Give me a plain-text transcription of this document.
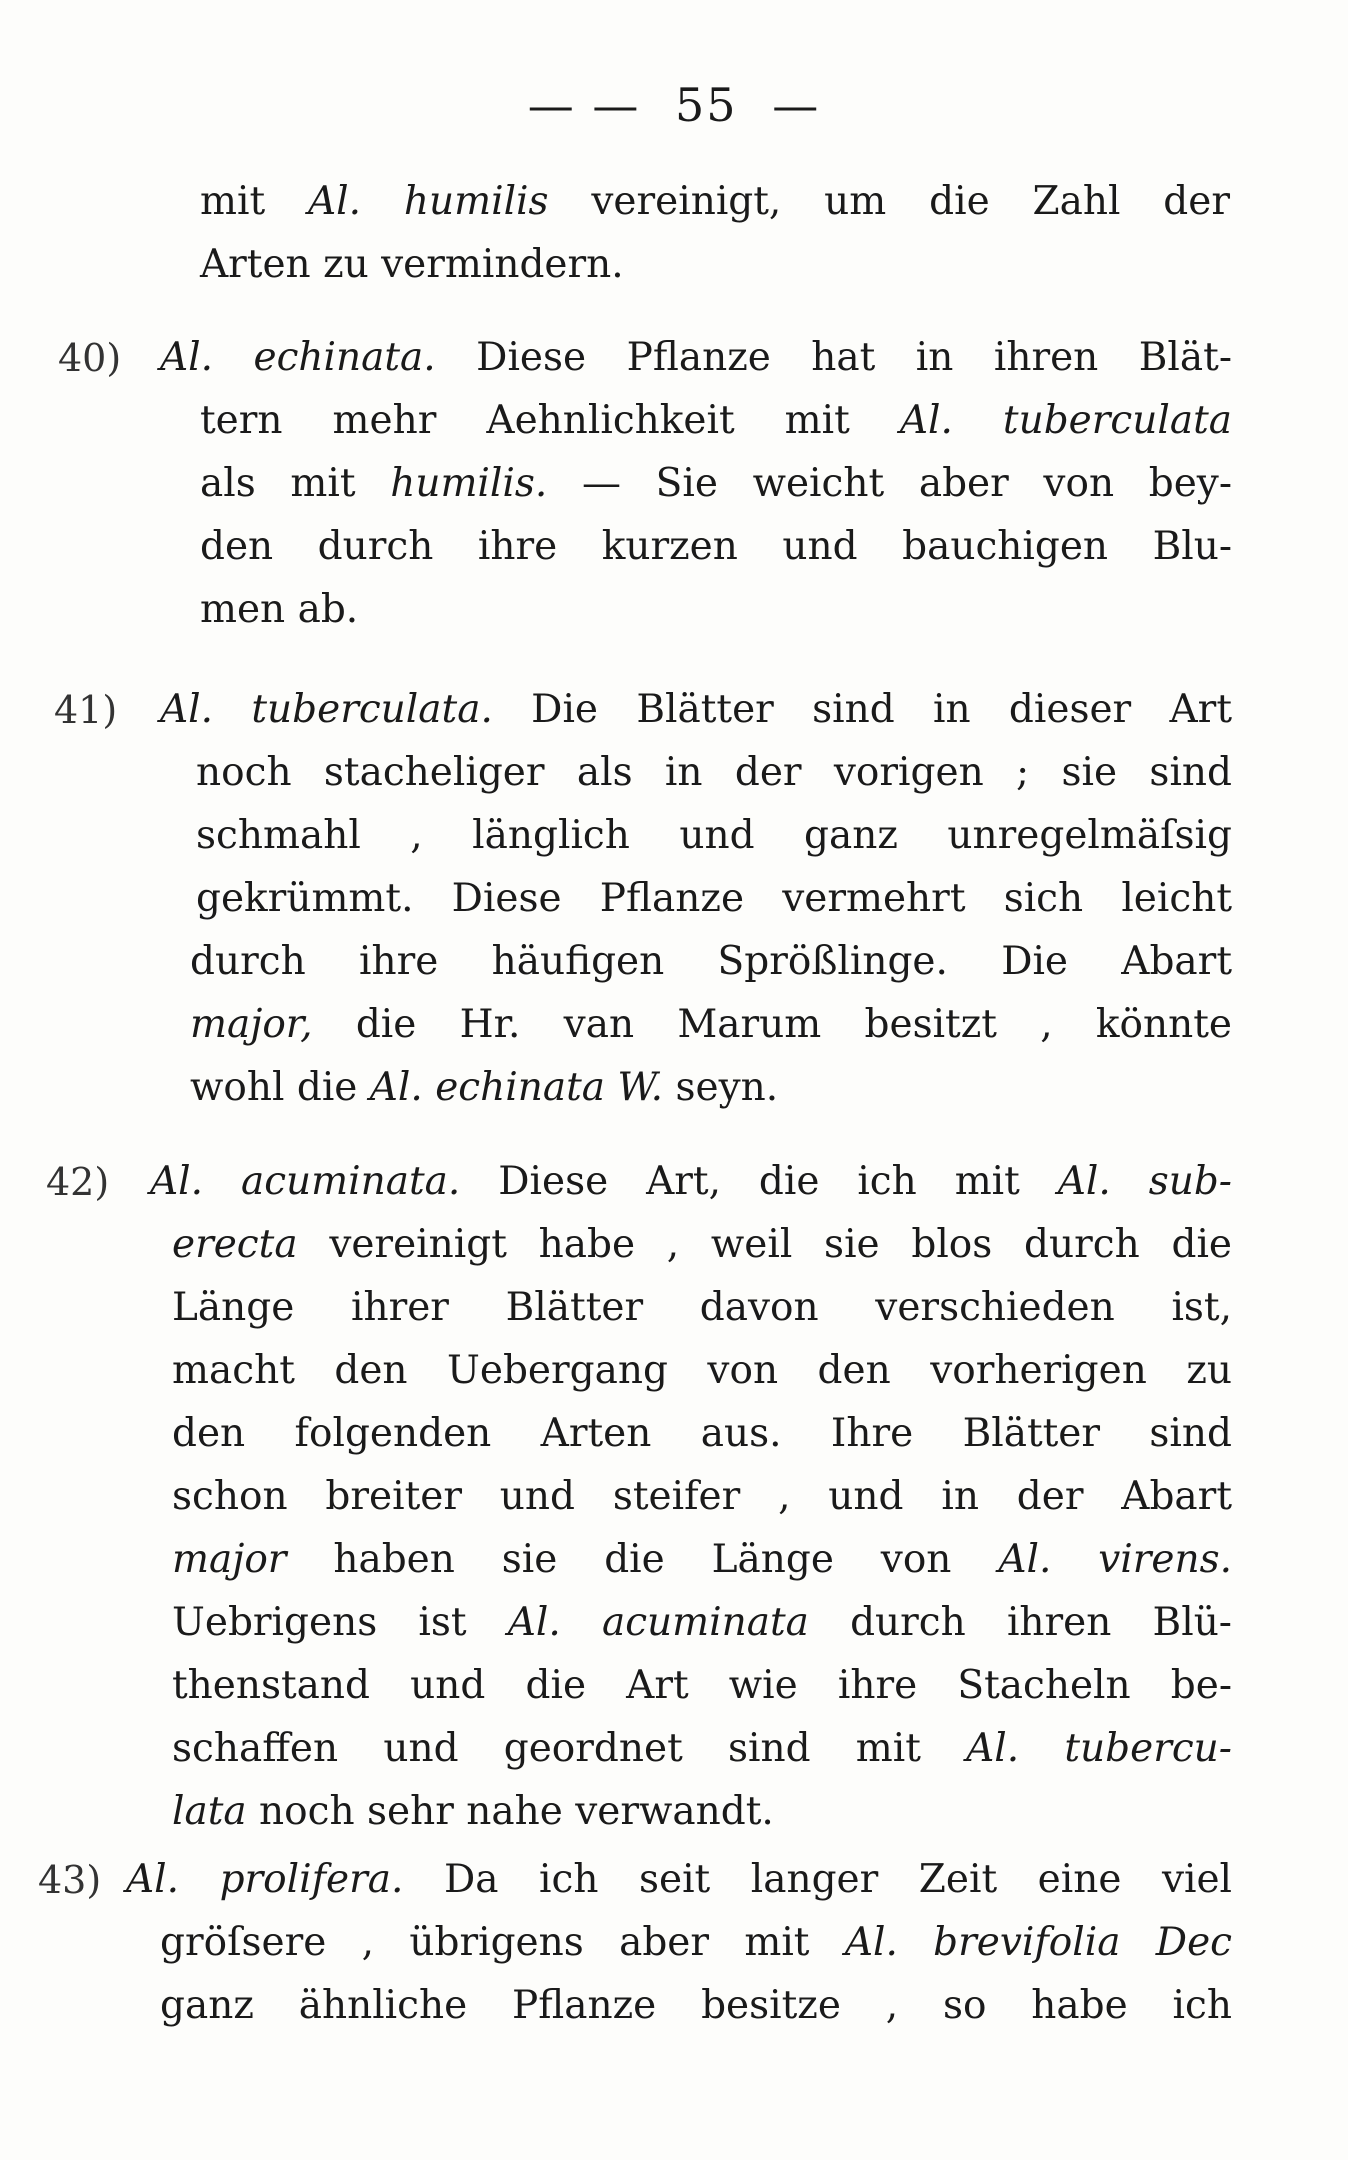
— — 55 —
mit Al. humilis vereinigt, um die Zahl der
Arten zu vermindern.
40) Al. echinata. Diese Pflanze hat in ihren Blät-
tern mehr Aehnlichkeit mit Al. tuberculata
als mit humilis. — Sie weicht aber von bey-
den durch ihre kurzen und bauchigen Blu-
men ab.
41) Al. tuberculata. Die Blätter sind in dieser Art
noch stacheliger als in der vorigen ; sie sind
schmahl , länglich und ganz unregelmäſsig
gekrümmt. Diese Pflanze vermehrt sich leicht
durch ihre häufigen Sprößlinge. Die Abart
major, die Hr. van Marum besitzt , könnte
wohl die Al. echinata W. seyn.
42) Al. acuminata. Diese Art, die ich mit Al. sub-
erecta vereinigt habe , weil sie blos durch die
Länge ihrer Blätter davon verschieden ist,
macht den Uebergang von den vorherigen zu
den folgenden Arten aus. Ihre Blätter sind
schon breiter und steifer , und in der Abart
major haben sie die Länge von Al. virens.
Uebrigens ist Al. acuminata durch ihren Blü-
thenstand und die Art wie ihre Stacheln be-
schaffen und geordnet sind mit Al. tubercu-
lata noch sehr nahe verwandt.
43) Al. prolifera. Da ich seit langer Zeit eine viel
gröſsere , übrigens aber mit Al. brevifolia Dec
ganz ähnliche Pflanze besitze , so habe ich
